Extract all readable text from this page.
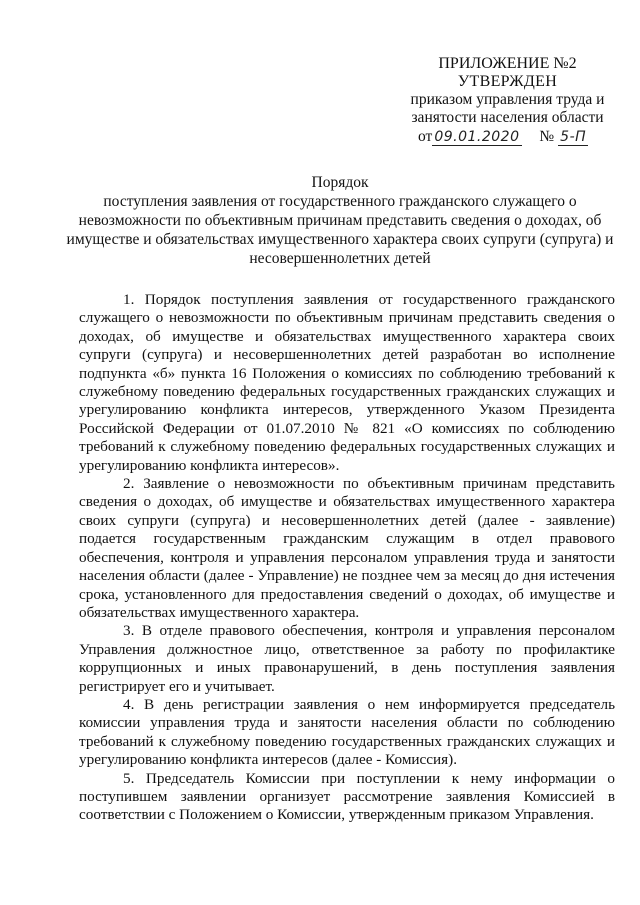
ПРИЛОЖЕНИЕ №2
УТВЕРЖДЕН
приказом управления труда и
занятости населения области
от 09.01.2020 № 5-П
Порядок
поступления заявления от государственного гражданского служащего о невозможности по объективным причинам представить сведения о доходах, об имуществе и обязательствах имущественного характера своих супруги (супруга) и несовершеннолетних детей

1. Порядок поступления заявления от государственного гражданского служащего о невозможности по объективным причинам представить сведения о доходах, об имуществе и обязательствах имущественного характера своих супруги (супруга) и несовершеннолетних детей разработан во исполнение подпункта «б» пункта 16 Положения о комиссиях по соблюдению требований к служебному поведению федеральных государственных гражданских служащих и урегулированию конфликта интересов, утвержденного Указом Президента Российской Федерации от 01.07.2010 № 821 «О комиссиях по соблюдению требований к служебному поведению федеральных государственных служащих и урегулированию конфликта интересов».

2. Заявление о невозможности по объективным причинам представить сведения о доходах, об имуществе и обязательствах имущественного характера своих супруги (супруга) и несовершеннолетних детей (далее - заявление) подается государственным гражданским служащим в отдел правового обеспечения, контроля и управления персоналом управления труда и занятости населения области (далее - Управление) не позднее чем за месяц до дня истечения срока, установленного для предоставления сведений о доходах, об имуществе и обязательствах имущественного характера.

3. В отделе правового обеспечения, контроля и управления персоналом Управления должностное лицо, ответственное за работу по профилактике коррупционных и иных правонарушений, в день поступления заявления регистрирует его и учитывает.

4. В день регистрации заявления о нем информируется председатель комиссии управления труда и занятости населения области по соблюдению требований к служебному поведению государственных гражданских служащих и урегулированию конфликта интересов (далее - Комиссия).

5. Председатель Комиссии при поступлении к нему информации о поступившем заявлении организует рассмотрение заявления Комиссией в соответствии с Положением о Комиссии, утвержденным приказом Управления.
